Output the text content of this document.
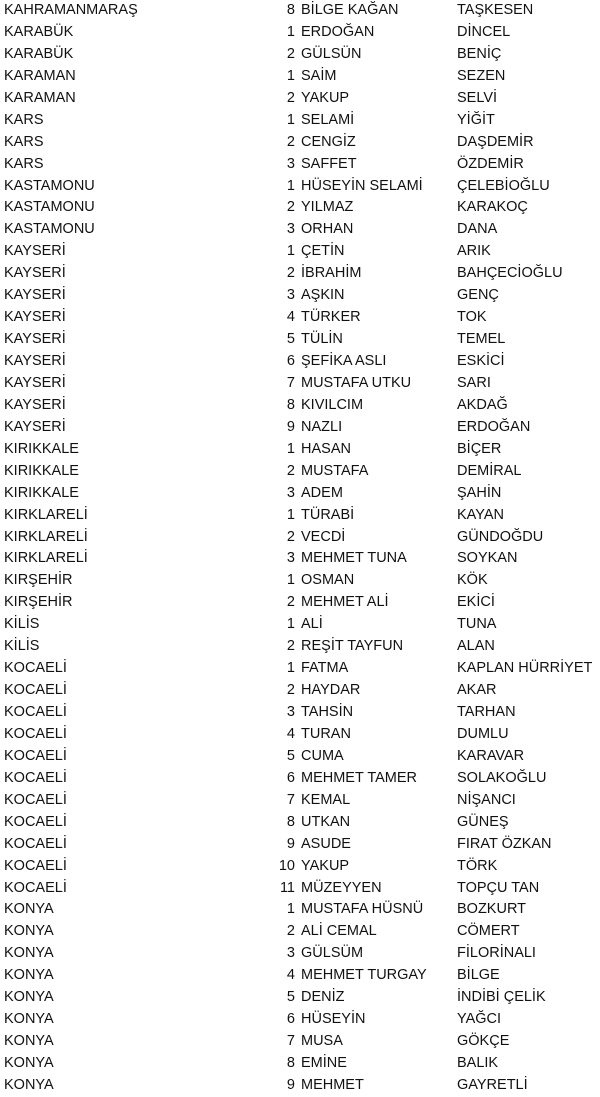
KAHRAMANMARAŞ	8 BİLGE KAĞAN	TAŞKESEN
KARABÜK	1 ERDOĞAN	DİNCEL
KARABÜK	2 GÜLSÜN	BENİÇ
KARAMAN	1 SAİM	SEZEN
KARAMAN	2 YAKUP	SELVİ
KARS	1 SELAMİ	YİĞİT
KARS	2 CENGİZ	DAŞDEMİR
KARS	3 SAFFET	ÖZDEMİR
KASTAMONU	1 HÜSEYİN SELAMİ	ÇELEBİOĞLU
KASTAMONU	2 YILMAZ	KARAKOÇ
KASTAMONU	3 ORHAN	DANA
KAYSERİ	1 ÇETİN	ARIK
KAYSERİ	2 İBRAHİM	BAHÇECİOĞLU
KAYSERİ	3 AŞKIN	GENÇ
KAYSERİ	4 TÜRKER	TOK
KAYSERİ	5 TÜLİN	TEMEL
KAYSERİ	6 ŞEFİKA ASLI	ESKİCİ
KAYSERİ	7 MUSTAFA UTKU	SARI
KAYSERİ	8 KIVILCIM	AKDAĞ
KAYSERİ	9 NAZLI	ERDOĞAN
KIRIKKALE	1 HASAN	BİÇER
KIRIKKALE	2 MUSTAFA	DEMİRAL
KIRIKKALE	3 ADEM	ŞAHİN
KIRKLARELİ	1 TÜRABİ	KAYAN
KIRKLARELİ	2 VECDİ	GÜNDOĞDU
KIRKLARELİ	3 MEHMET TUNA	SOYKAN
KIRŞEHİR	1 OSMAN	KÖK
KIRŞEHİR	2 MEHMET ALİ	EKİCİ
KİLİS	1 ALİ	TUNA
KİLİS	2 REŞİT TAYFUN	ALAN
KOCAELİ	1 FATMA	KAPLAN HÜRRİYET
KOCAELİ	2 HAYDAR	AKAR
KOCAELİ	3 TAHSİN	TARHAN
KOCAELİ	4 TURAN	DUMLU
KOCAELİ	5 CUMA	KARAVAR
KOCAELİ	6 MEHMET TAMER	SOLAKOĞLU
KOCAELİ	7 KEMAL	NİŞANCI
KOCAELİ	8 UTKAN	GÜNEŞ
KOCAELİ	9 ASUDE	FIRAT ÖZKAN
KOCAELİ	10 YAKUP	TÖRK
KOCAELİ	11 MÜZEYYEN	TOPÇU TAN
KONYA	1 MUSTAFA HÜSNÜ	BOZKURT
KONYA	2 ALİ CEMAL	CÖMERT
KONYA	3 GÜLSÜM	FİLORİNALI
KONYA	4 MEHMET TURGAY	BİLGE
KONYA	5 DENİZ	İNDİBİ ÇELİK
KONYA	6 HÜSEYİN	YAĞCI
KONYA	7 MUSA	GÖKÇE
KONYA	8 EMİNE	BALIK
KONYA	9 MEHMET	GAYRETLİ
